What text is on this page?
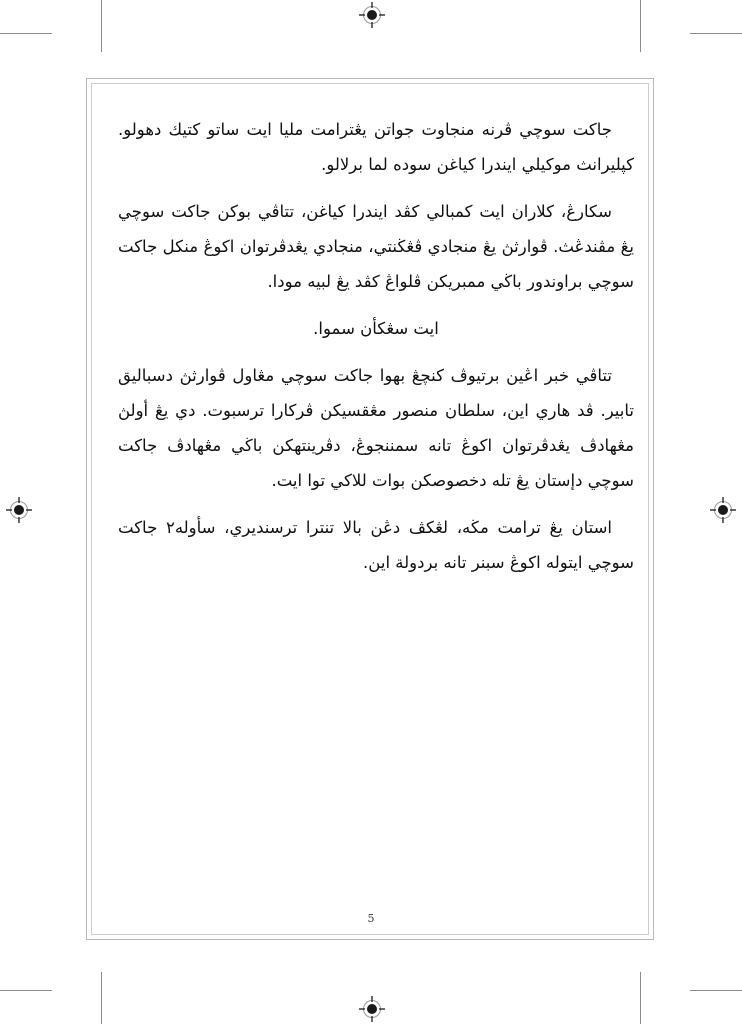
جاكت سوچي ڤرنه منجاوت جواتن يڠترامت مليا ايت ساتو كتيك دهولو. كڽليرانث موكيلي ايندرا كياغن سوده لما برلالو.

سكارڠ، كلاران ايت كمبالي كڤد ايندرا كياغن، تتاڤي بوكن جاكت سوچي يڠ مڤندڠث. ڤوارثڽ يڠ منجادي ڤڠڬنتي، منجادي يڠدڤرتوان اكوڠ منكل جاكت سوچي براوندور باڬي ممبريكن ڤلواڠ كڤد يڠ لبيه مودا.

ايت سڠكأن سموا.

تتاڤي خبر اڠين برتيوڤ كنچڠ بهوا جاكت سوچي مڠاول ڤوارثڽ دسباليق تابير. ڤد هاري اين، سلطان منصور مڠقسيكن ڤركارا ترسبوت. دي يڠ أولڽ مڠهادڤ يڠدڤرتوان اكوڠ تانه سمننجوڠ، دڤرينتهكن باڬي مڠهادڤ جاكت سوچي دإستان يڠ تله دخصوصكن بوات للاكي توا ايت.

استان يڠ ترامت مڬه، لڠكڤ دڠن بالا تنترا ترسنديري، سأوله٢ جاكت سوچي ايتوله اكوڠ سبنر تانه بردولة اين.

5
